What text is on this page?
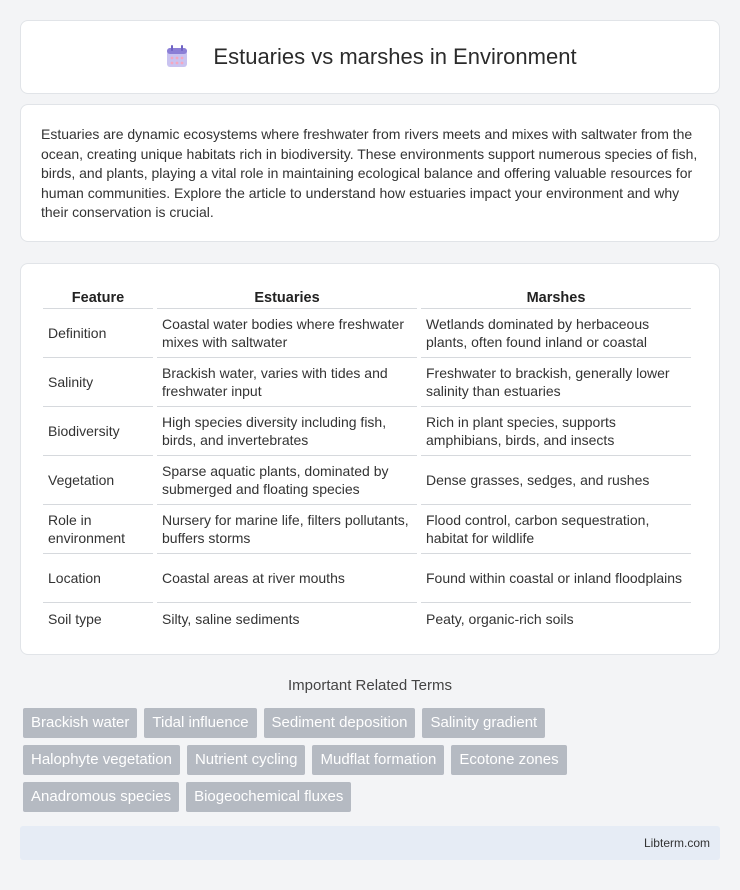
Estuaries vs marshes in Environment

Estuaries are dynamic ecosystems where freshwater from rivers meets and mixes with saltwater from the ocean, creating unique habitats rich in biodiversity. These environments support numerous species of fish, birds, and plants, playing a vital role in maintaining ecological balance and offering valuable resources for human communities. Explore the article to understand how estuaries impact your environment and why their conservation is crucial.

Feature	Estuaries	Marshes
Definition	Coastal water bodies where freshwater mixes with saltwater	Wetlands dominated by herbaceous plants, often found inland or coastal
Salinity	Brackish water, varies with tides and freshwater input	Freshwater to brackish, generally lower salinity than estuaries
Biodiversity	High species diversity including fish, birds, and invertebrates	Rich in plant species, supports amphibians, birds, and insects
Vegetation	Sparse aquatic plants, dominated by submerged and floating species	Dense grasses, sedges, and rushes
Role in environment	Nursery for marine life, filters pollutants, buffers storms	Flood control, carbon sequestration, habitat for wildlife
Location	Coastal areas at river mouths	Found within coastal or inland floodplains
Soil type	Silty, saline sediments	Peaty, organic-rich soils
Important Related Terms
Brackish water	Tidal influence	Sediment deposition	Salinity gradient
Halophyte vegetation	Nutrient cycling	Mudflat formation	Ecotone zones
Anadromous species	Biogeochemical fluxes
Libterm.com
